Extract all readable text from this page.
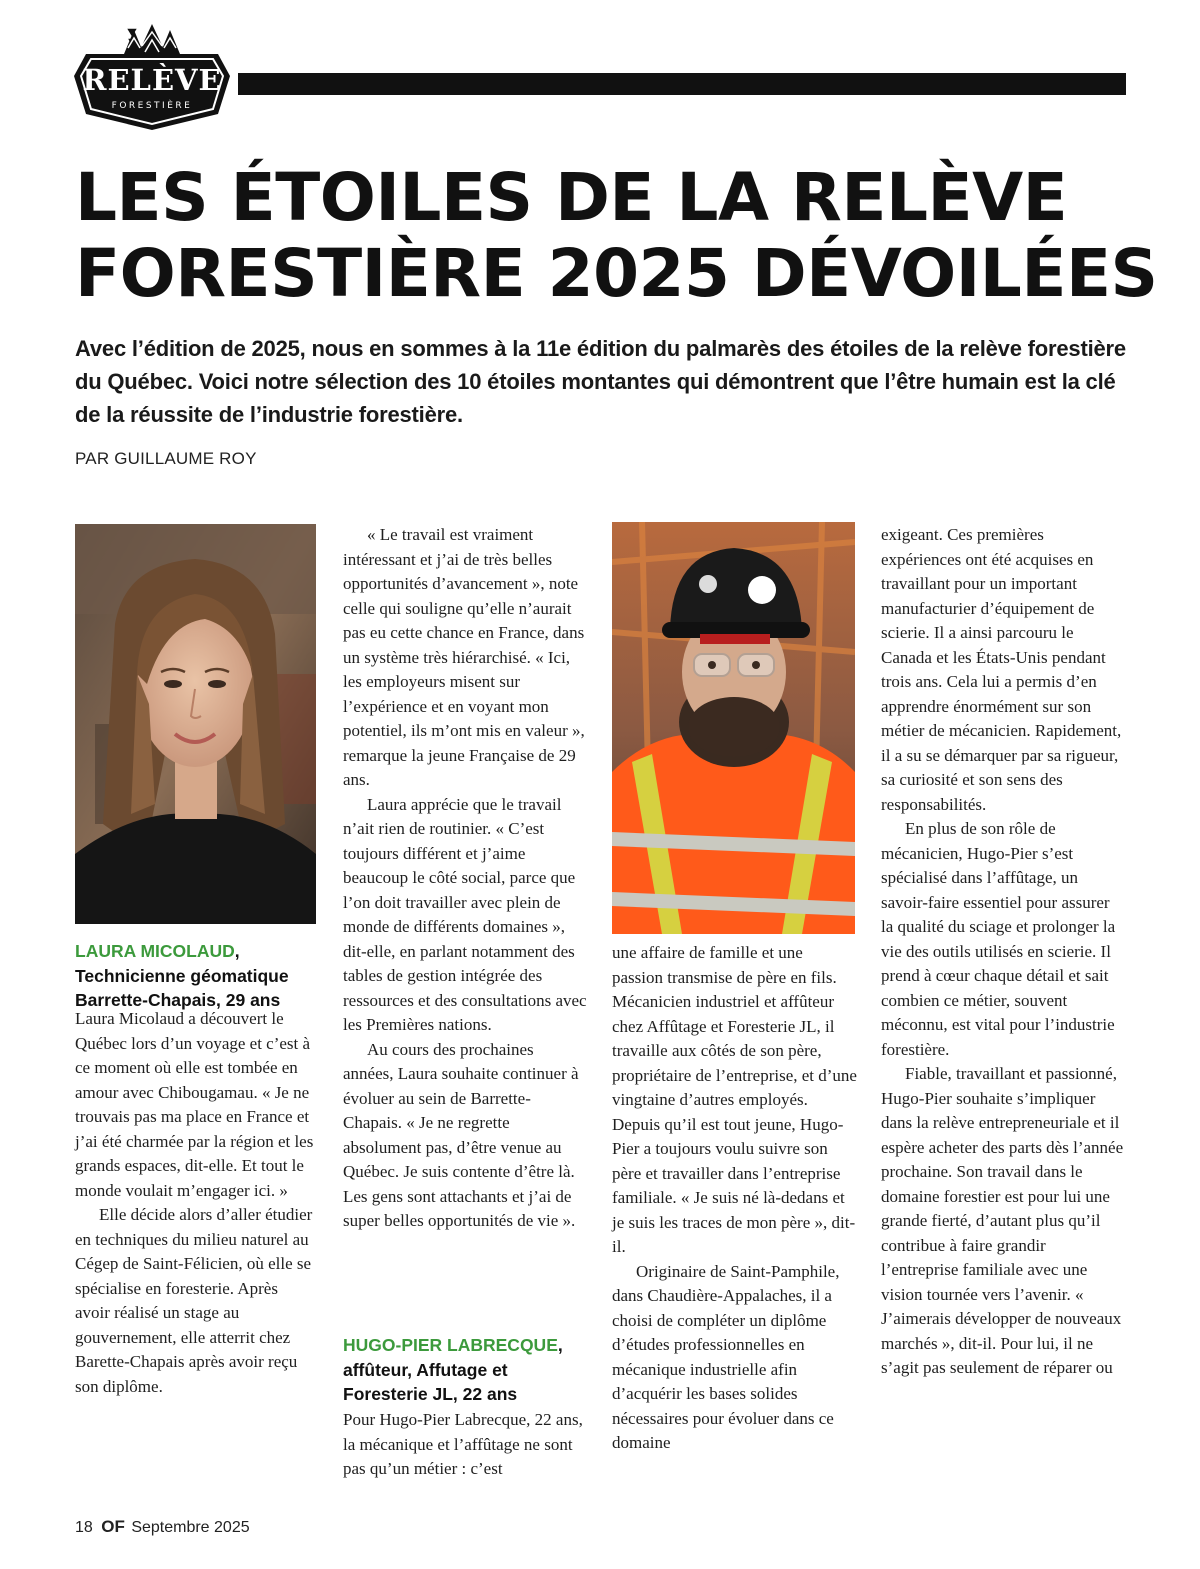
RELÈVE
FORESTIÈRE
LES ÉTOILES DE LA RELÈVE
FORESTIÈRE 2025 DÉVOILÉES

Avec l’édition de 2025, nous en sommes à la 11e édition du palmarès des étoiles de la relève forestière du Québec. Voici notre sélection des 10 étoiles montantes qui démontrent que l’être humain est la clé de la réussite de l’industrie forestière.

PAR GUILLAUME ROY

LAURA MICOLAUD,
Technicienne géomatique
Barrette-Chapais, 29 ans

Laura Micolaud a découvert le Québec lors d’un voyage et c’est à ce moment où elle est tombée en amour avec Chibougamau. « Je ne trouvais pas ma place en France et j’ai été charmée par la région et les grands espaces, dit-elle. Et tout le monde voulait m’engager ici. »

Elle décide alors d’aller étudier en techniques du milieu naturel au Cégep de Saint-Félicien, où elle se spécialise en foresterie. Après avoir réalisé un stage au gouvernement, elle atterrit chez Barette-Chapais après avoir reçu son diplôme.

« Le travail est vraiment intéressant et j’ai de très belles opportunités d’avancement », note celle qui souligne qu’elle n’aurait pas eu cette chance en France, dans un système très hiérarchisé. « Ici, les employeurs misent sur l’expérience et en voyant mon potentiel, ils m’ont mis en valeur », remarque la jeune Française de 29 ans.

Laura apprécie que le travail n’ait rien de routinier. « C’est toujours différent et j’aime beaucoup le côté social, parce que l’on doit travailler avec plein de monde de différents domaines », dit-elle, en parlant notamment des tables de gestion intégrée des ressources et des consultations avec les Premières nations.

Au cours des prochaines années, Laura souhaite continuer à évoluer au sein de Barrette-Chapais. « Je ne regrette absolument pas, d’être venue au Québec. Je suis contente d’être là. Les gens sont attachants et j’ai de super belles opportunités de vie ».

HUGO-PIER LABRECQUE,
affûteur, Affutage et
Foresterie JL, 22 ans

Pour Hugo-Pier Labrecque, 22 ans, la mécanique et l’affûtage ne sont pas qu’un métier : c’est

une affaire de famille et une passion transmise de père en fils. Mécanicien industriel et affûteur chez Affûtage et Foresterie JL, il travaille aux côtés de son père, propriétaire de l’entreprise, et d’une vingtaine d’autres employés. Depuis qu’il est tout jeune, Hugo-Pier a toujours voulu suivre son père et travailler dans l’entreprise familiale. « Je suis né là-dedans et je suis les traces de mon père », dit-il.

Originaire de Saint-Pamphile, dans Chaudière-Appalaches, il a choisi de compléter un diplôme d’études professionnelles en mécanique industrielle afin d’acquérir les bases solides nécessaires pour évoluer dans ce domaine

exigeant. Ces premières expériences ont été acquises en travaillant pour un important manufacturier d’équipement de scierie. Il a ainsi parcouru le Canada et les États-Unis pendant trois ans. Cela lui a permis d’en apprendre énormément sur son métier de mécanicien. Rapidement, il a su se démarquer par sa rigueur, sa curiosité et son sens des responsabilités.

En plus de son rôle de mécanicien, Hugo-Pier s’est spécialisé dans l’affûtage, un savoir-faire essentiel pour assurer la qualité du sciage et prolonger la vie des outils utilisés en scierie. Il prend à cœur chaque détail et sait combien ce métier, souvent méconnu, est vital pour l’industrie forestière.

Fiable, travaillant et passionné, Hugo-Pier souhaite s’impliquer dans la relève entrepreneuriale et il espère acheter des parts dès l’année prochaine. Son travail dans le domaine forestier est pour lui une grande fierté, d’autant plus qu’il contribue à faire grandir l’entreprise familiale avec une vision tournée vers l’avenir. « J’aimerais développer de nouveaux marchés », dit-il. Pour lui, il ne s’agit pas seulement de réparer ou

18 OF Septembre 2025
